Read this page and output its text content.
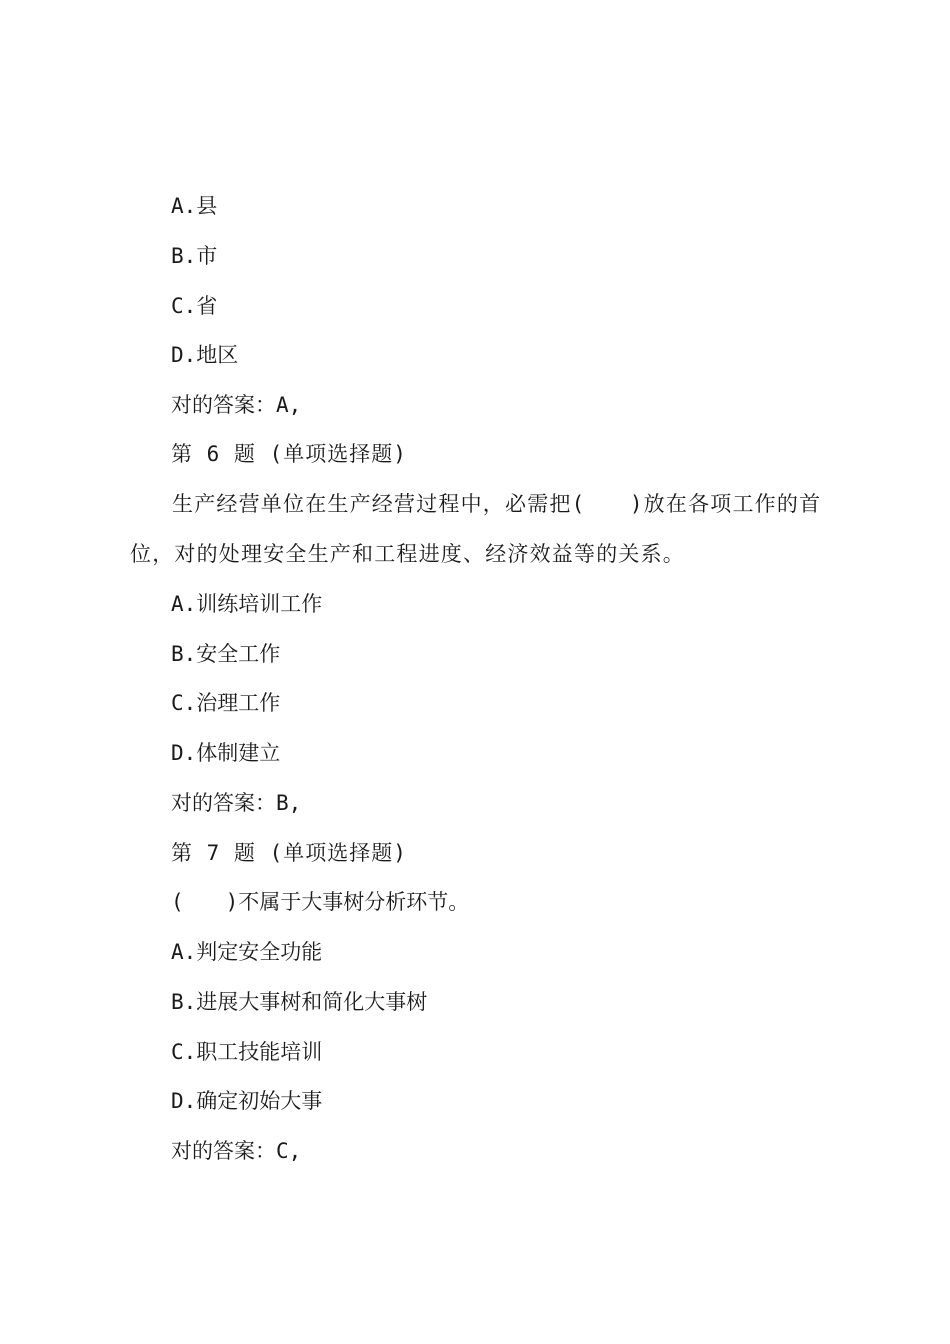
A.县
B.市
C.省
D.地区
对的答案：A,
第 6 题 (单项选择题)
生产经营单位在生产经营过程中，必需把(　　)放在各项工作的首位，对的处理安全生产和工程进度、经济效益等的关系。
A.训练培训工作
B.安全工作
C.治理工作
D.体制建立
对的答案：B,
第 7 题 (单项选择题)
(　　)不属于大事树分析环节。
A.判定安全功能
B.进展大事树和简化大事树
C.职工技能培训
D.确定初始大事
对的答案：C,
